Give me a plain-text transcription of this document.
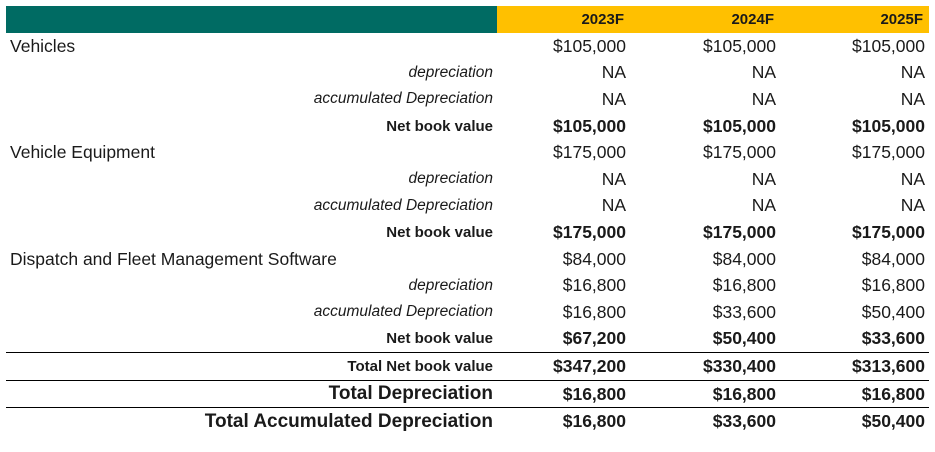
	2023F	2024F	2025F
Vehicles	$105,000	$105,000	$105,000
depreciation	NA	NA	NA
accumulated Depreciation	NA	NA	NA
Net book value	$105,000	$105,000	$105,000
Vehicle Equipment	$175,000	$175,000	$175,000
depreciation	NA	NA	NA
accumulated Depreciation	NA	NA	NA
Net book value	$175,000	$175,000	$175,000
Dispatch and Fleet Management Software	$84,000	$84,000	$84,000
depreciation	$16,800	$16,800	$16,800
accumulated Depreciation	$16,800	$33,600	$50,400
Net book value	$67,200	$50,400	$33,600
Total Net book value	$347,200	$330,400	$313,600
Total Depreciation	$16,800	$16,800	$16,800
Total Accumulated Depreciation	$16,800	$33,600	$50,400
